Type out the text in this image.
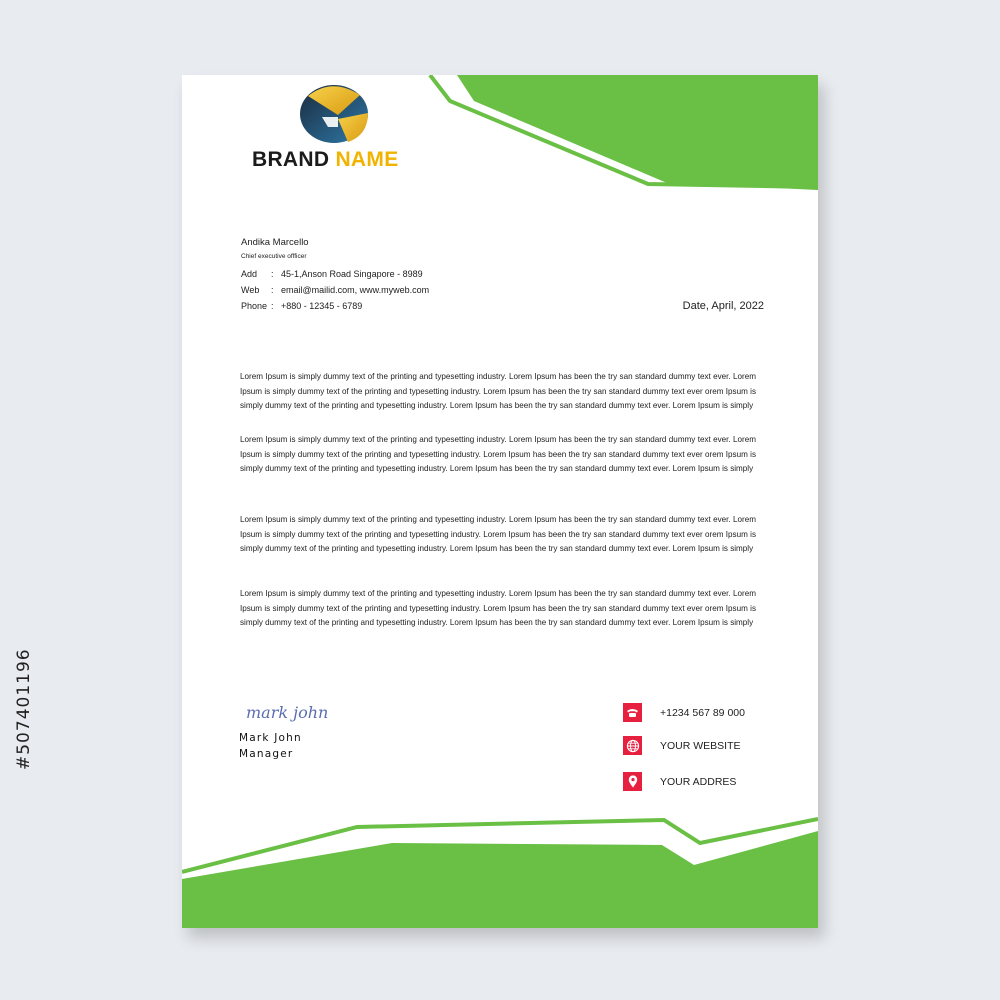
#507401196
BRAND NAME
Andika Marcello
Chief executive offficer
Add	: 45-1,Anson Road Singapore - 8989
Web	: email@mailid.com, www.myweb.com
Phone : +880 - 12345 - 6789	Date, April, 2022

Lorem Ipsum is simply dummy text of the printing and typesetting industry. Lorem Ipsum has been the try san standard dummy text ever. Lorem Ipsum is simply dummy text of the printing and typesetting industry. Lorem Ipsum has been the try san standard dummy text ever orem Ipsum is simply dummy text of the printing and typesetting industry. Lorem Ipsum has been the try san standard dummy text ever. Lorem Ipsum is simply

Lorem Ipsum is simply dummy text of the printing and typesetting industry. Lorem Ipsum has been the try san standard dummy text ever. Lorem Ipsum is simply dummy text of the printing and typesetting industry. Lorem Ipsum has been the try san standard dummy text ever orem Ipsum is simply dummy text of the printing and typesetting industry. Lorem Ipsum has been the try san standard dummy text ever. Lorem Ipsum is simply

Lorem Ipsum is simply dummy text of the printing and typesetting industry. Lorem Ipsum has been the try san standard dummy text ever. Lorem Ipsum is simply dummy text of the printing and typesetting industry. Lorem Ipsum has been the try san standard dummy text ever orem Ipsum is simply dummy text of the printing and typesetting industry. Lorem Ipsum has been the try san standard dummy text ever. Lorem Ipsum is simply

Lorem Ipsum is simply dummy text of the printing and typesetting industry. Lorem Ipsum has been the try san standard dummy text ever. Lorem Ipsum is simply dummy text of the printing and typesetting industry. Lorem Ipsum has been the try san standard dummy text ever orem Ipsum is simply dummy text of the printing and typesetting industry. Lorem Ipsum has been the try san standard dummy text ever. Lorem Ipsum is simply

mark john
Mark John
Manager
+1234 567 89 000
YOUR WEBSITE
YOUR ADDRES
